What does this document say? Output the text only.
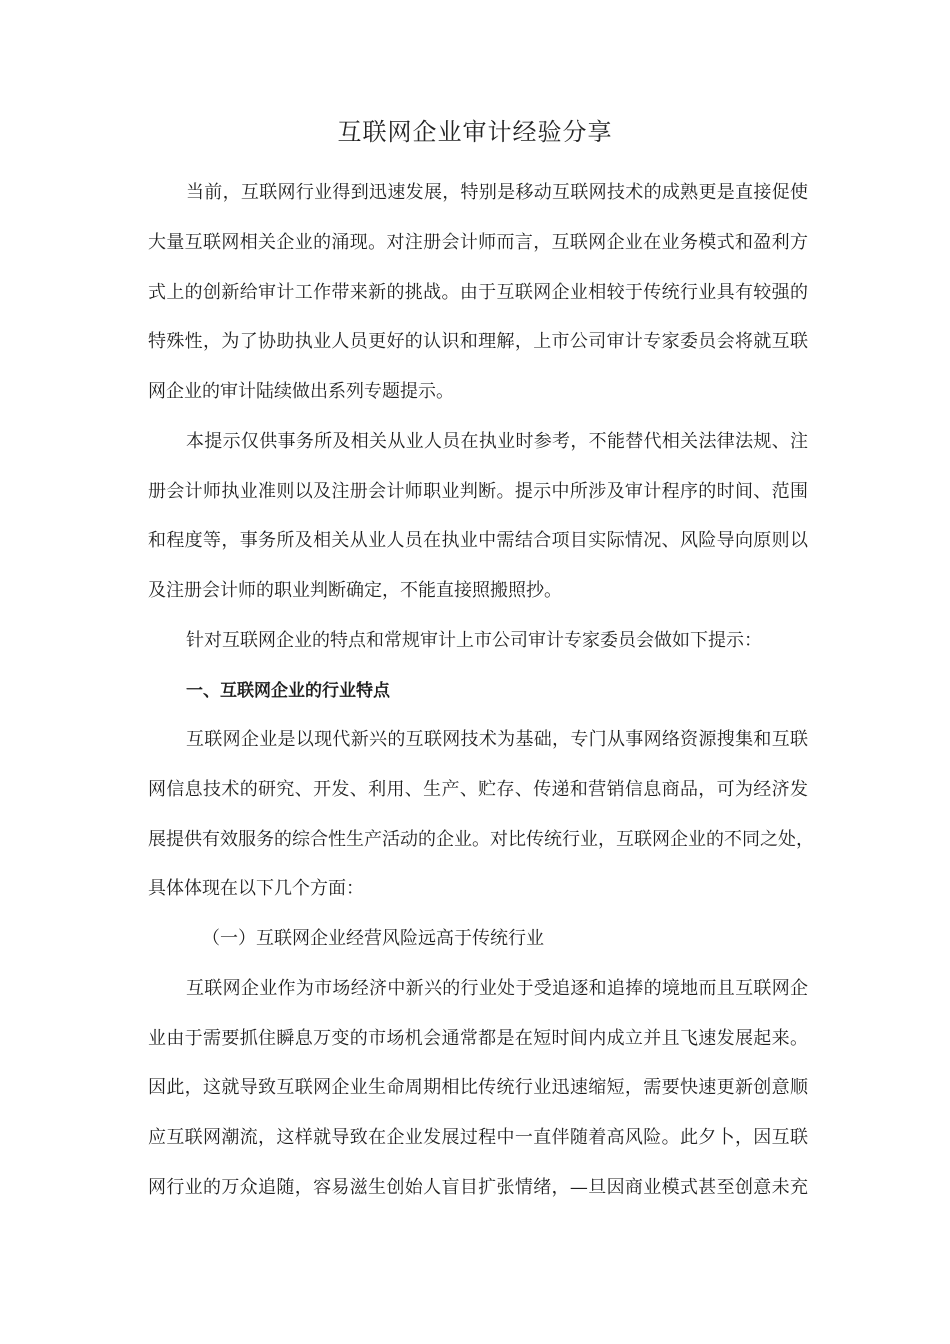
互联网企业审计经验分享
当前，互联网行业得到迅速发展，特别是移动互联网技术的成熟更是直接促使
大量互联网相关企业的涌现。对注册会计师而言，互联网企业在业务模式和盈利方
式上的创新给审计工作带来新的挑战。由于互联网企业相较于传统行业具有较强的
特殊性，为了协助执业人员更好的认识和理解，上市公司审计专家委员会将就互联
网企业的审计陆续做出系列专题提示。
本提示仅供事务所及相关从业人员在执业时参考，不能替代相关法律法规、注
册会计师执业准则以及注册会计师职业判断。提示中所涉及审计程序的时间、范围
和程度等，事务所及相关从业人员在执业中需结合项目实际情况、风险导向原则以
及注册会计师的职业判断确定，不能直接照搬照抄。
针对互联网企业的特点和常规审计上市公司审计专家委员会做如下提示：
一、互联网企业的行业特点
互联网企业是以现代新兴的互联网技术为基础，专门从事网络资源搜集和互联
网信息技术的研究、开发、利用、生产、贮存、传递和营销信息商品，可为经济发
展提供有效服务的综合性生产活动的企业。对比传统行业，互联网企业的不同之处，
具体体现在以下几个方面：
（一）互联网企业经营风险远高于传统行业
互联网企业作为市场经济中新兴的行业处于受追逐和追捧的境地而且互联网企
业由于需要抓住瞬息万变的市场机会通常都是在短时间内成立并且飞速发展起来。
因此，这就导致互联网企业生命周期相比传统行业迅速缩短，需要快速更新创意顺
应互联网潮流，这样就导致在企业发展过程中一直伴随着高风险。此夕卜，因互联
网行业的万众追随，容易滋生创始人盲目扩张情绪，—旦因商业模式甚至创意未充
